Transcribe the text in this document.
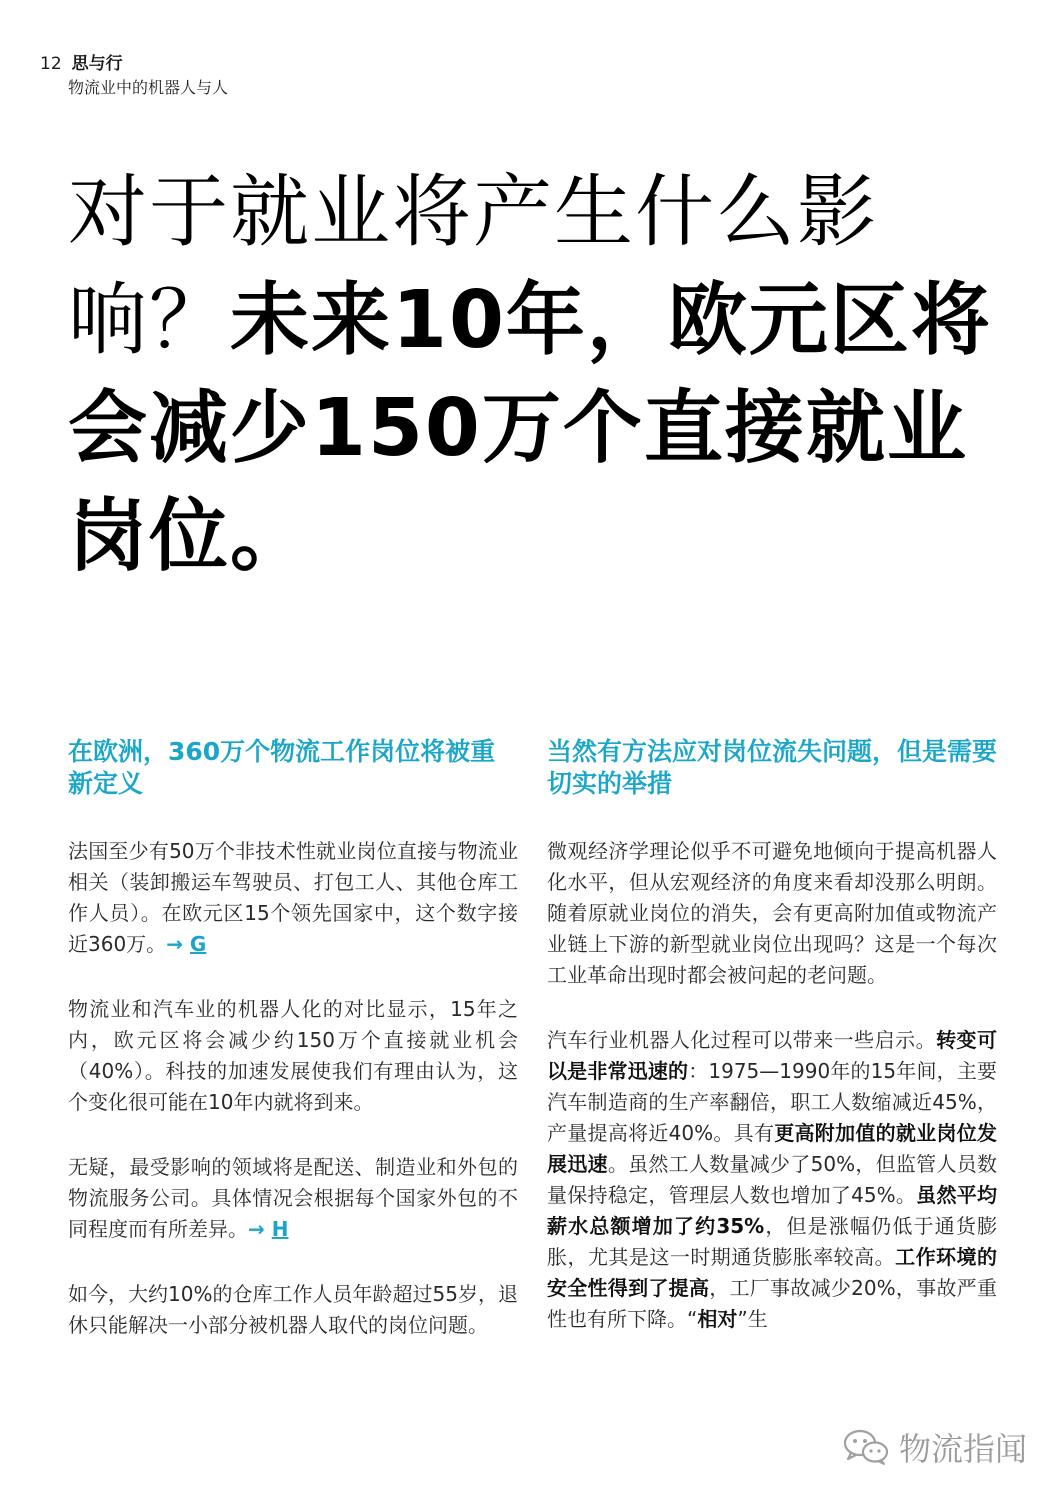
12 思与行
物流业中的机器人与人
对于就业将产生什么影响？未来10年，欧元区将会减少150万个直接就业岗位。
在欧洲，360万个物流工作岗位将被重新定义

法国至少有50万个非技术性就业岗位直接与物流业相关（装卸搬运车驾驶员、打包工人、其他仓库工作人员）。在欧元区15个领先国家中，这个数字接近360万。→ G

物流业和汽车业的机器人化的对比显示，15年之内，欧元区将会减少约150万个直接就业机会（40%）。科技的加速发展使我们有理由认为，这个变化很可能在10年内就将到来。

无疑，最受影响的领域将是配送、制造业和外包的物流服务公司。具体情况会根据每个国家外包的不同程度而有所差异。→ H

如今，大约10%的仓库工作人员年龄超过55岁，退休只能解决一小部分被机器人取代的岗位问题。

当然有方法应对岗位流失问题，但是需要切实的举措

微观经济学理论似乎不可避免地倾向于提高机器人化水平，但从宏观经济的角度来看却没那么明朗。随着原就业岗位的消失，会有更高附加值或物流产业链上下游的新型就业岗位出现吗？这是一个每次工业革命出现时都会被问起的老问题。

汽车行业机器人化过程可以带来一些启示。转变可以是非常迅速的：1975—1990年的15年间，主要汽车制造商的生产率翻倍，职工人数缩减近45%，产量提高将近40%。具有更高附加值的就业岗位发展迅速。虽然工人数量减少了50%，但监管人员数量保持稳定，管理层人数也增加了45%。虽然平均薪水总额增加了约35%，但是涨幅仍低于通货膨胀，尤其是这一时期通货膨胀率较高。工作环境的安全性得到了提高，工厂事故减少20%，事故严重性也有所下降。“相对”生

物流指闻
